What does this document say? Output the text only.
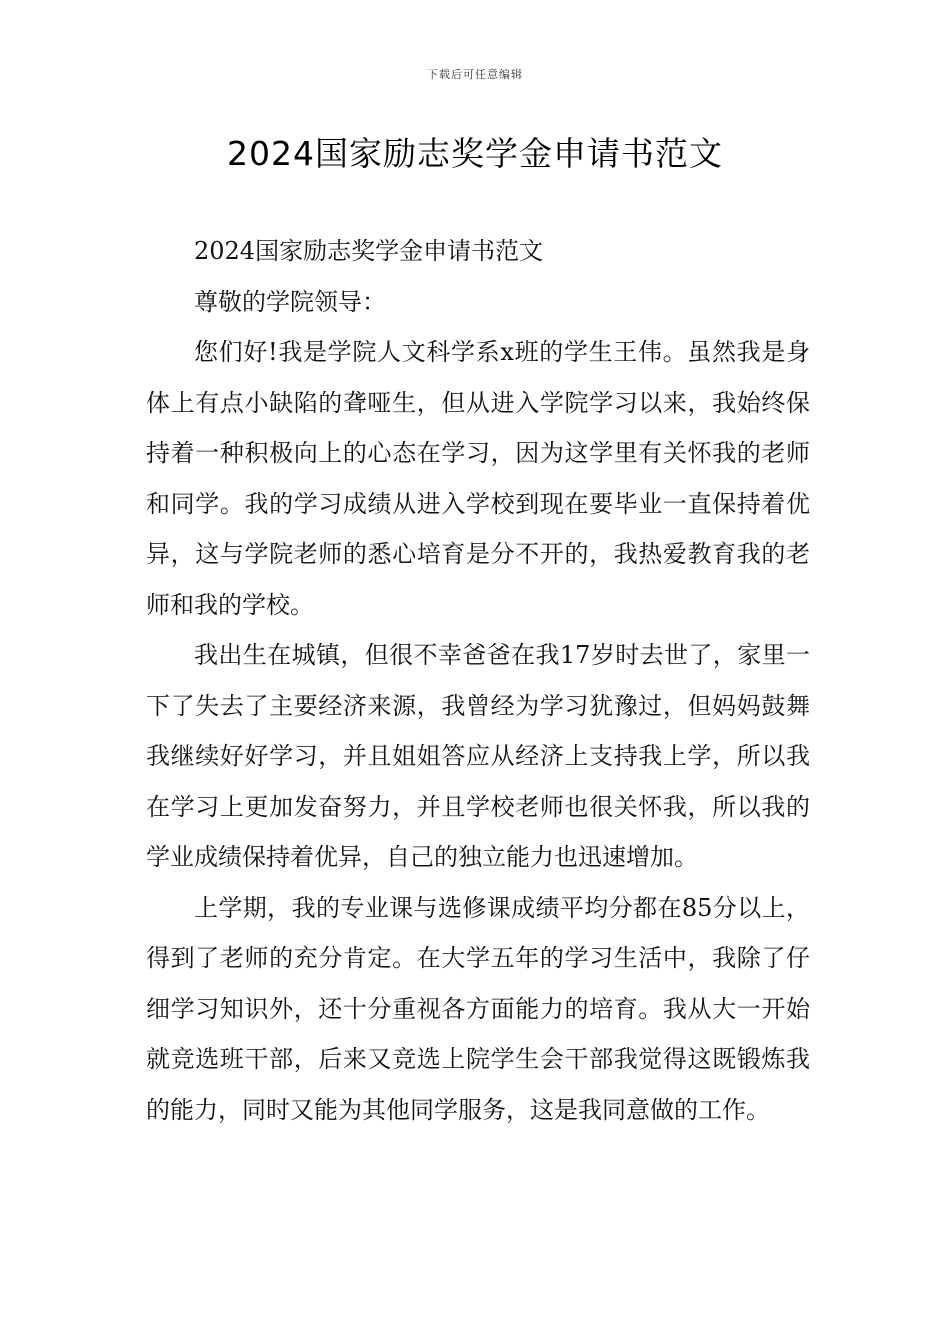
下载后可任意编辑
2024国家励志奖学金申请书范文

2024国家励志奖学金申请书范文

尊敬的学院领导：

您们好!我是学院人文科学系x班的学生王伟。虽然我是身体上有点小缺陷的聋哑生，但从进入学院学习以来，我始终保持着一种积极向上的心态在学习，因为这学里有关怀我的老师和同学。我的学习成绩从进入学校到现在要毕业一直保持着优异，这与学院老师的悉心培育是分不开的，我热爱教育我的老师和我的学校。

我出生在城镇，但很不幸爸爸在我17岁时去世了，家里一下了失去了主要经济来源，我曾经为学习犹豫过，但妈妈鼓舞我继续好好学习，并且姐姐答应从经济上支持我上学，所以我在学习上更加发奋努力，并且学校老师也很关怀我，所以我的学业成绩保持着优异，自己的独立能力也迅速增加。

上学期，我的专业课与选修课成绩平均分都在85分以上，得到了老师的充分肯定。在大学五年的学习生活中，我除了仔细学习知识外，还十分重视各方面能力的培育。我从大一开始就竞选班干部，后来又竞选上院学生会干部我觉得这既锻炼我的能力，同时又能为其他同学服务，这是我同意做的工作。
